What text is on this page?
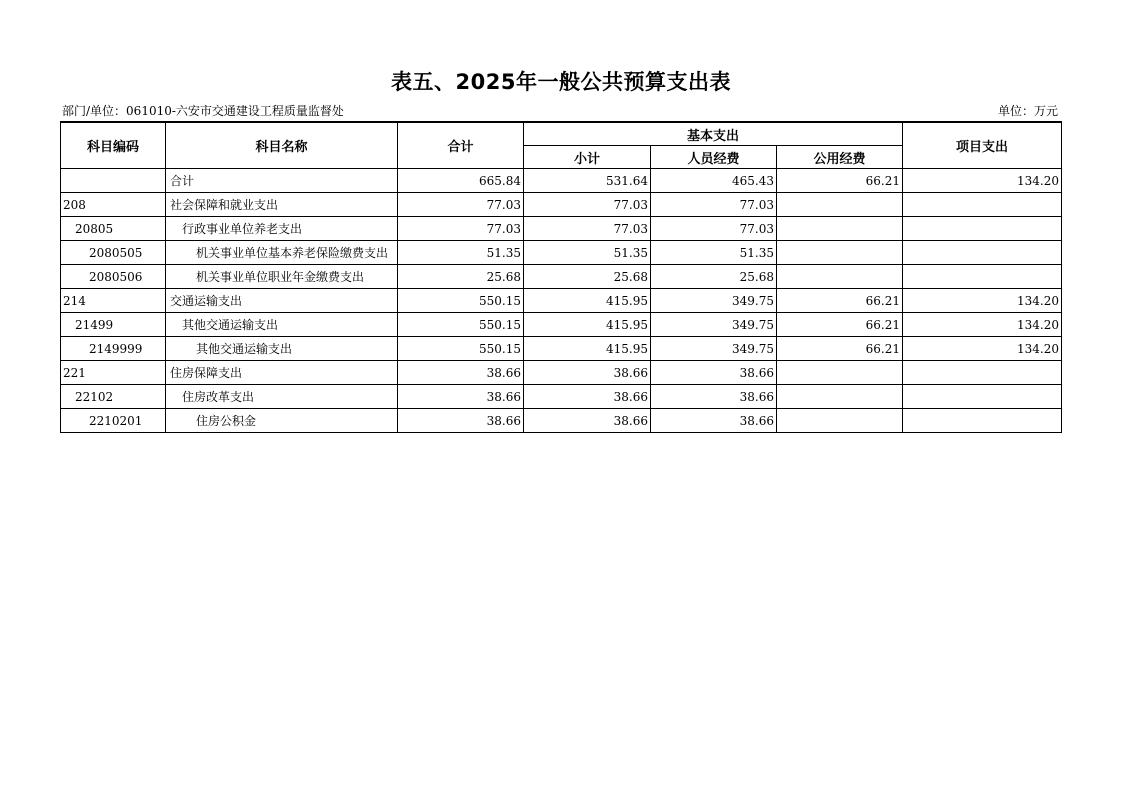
表五、2025年一般公共预算支出表
部门/单位：061010-六安市交通建设工程质量监督处	单位：万元
科目编码	科目名称	合计	基本支出			项目支出
			小计	人员经费	公用经费	
	合计	665.84	531.64	465.43	66.21	134.20
208	社会保障和就业支出	77.03	77.03	77.03		
20805	行政事业单位养老支出	77.03	77.03	77.03		
2080505	机关事业单位基本养老保险缴费支出	51.35	51.35	51.35		
2080506	机关事业单位职业年金缴费支出	25.68	25.68	25.68		
214	交通运输支出	550.15	415.95	349.75	66.21	134.20
21499	其他交通运输支出	550.15	415.95	349.75	66.21	134.20
2149999	其他交通运输支出	550.15	415.95	349.75	66.21	134.20
221	住房保障支出	38.66	38.66	38.66		
22102	住房改革支出	38.66	38.66	38.66		
2210201	住房公积金	38.66	38.66	38.66		
